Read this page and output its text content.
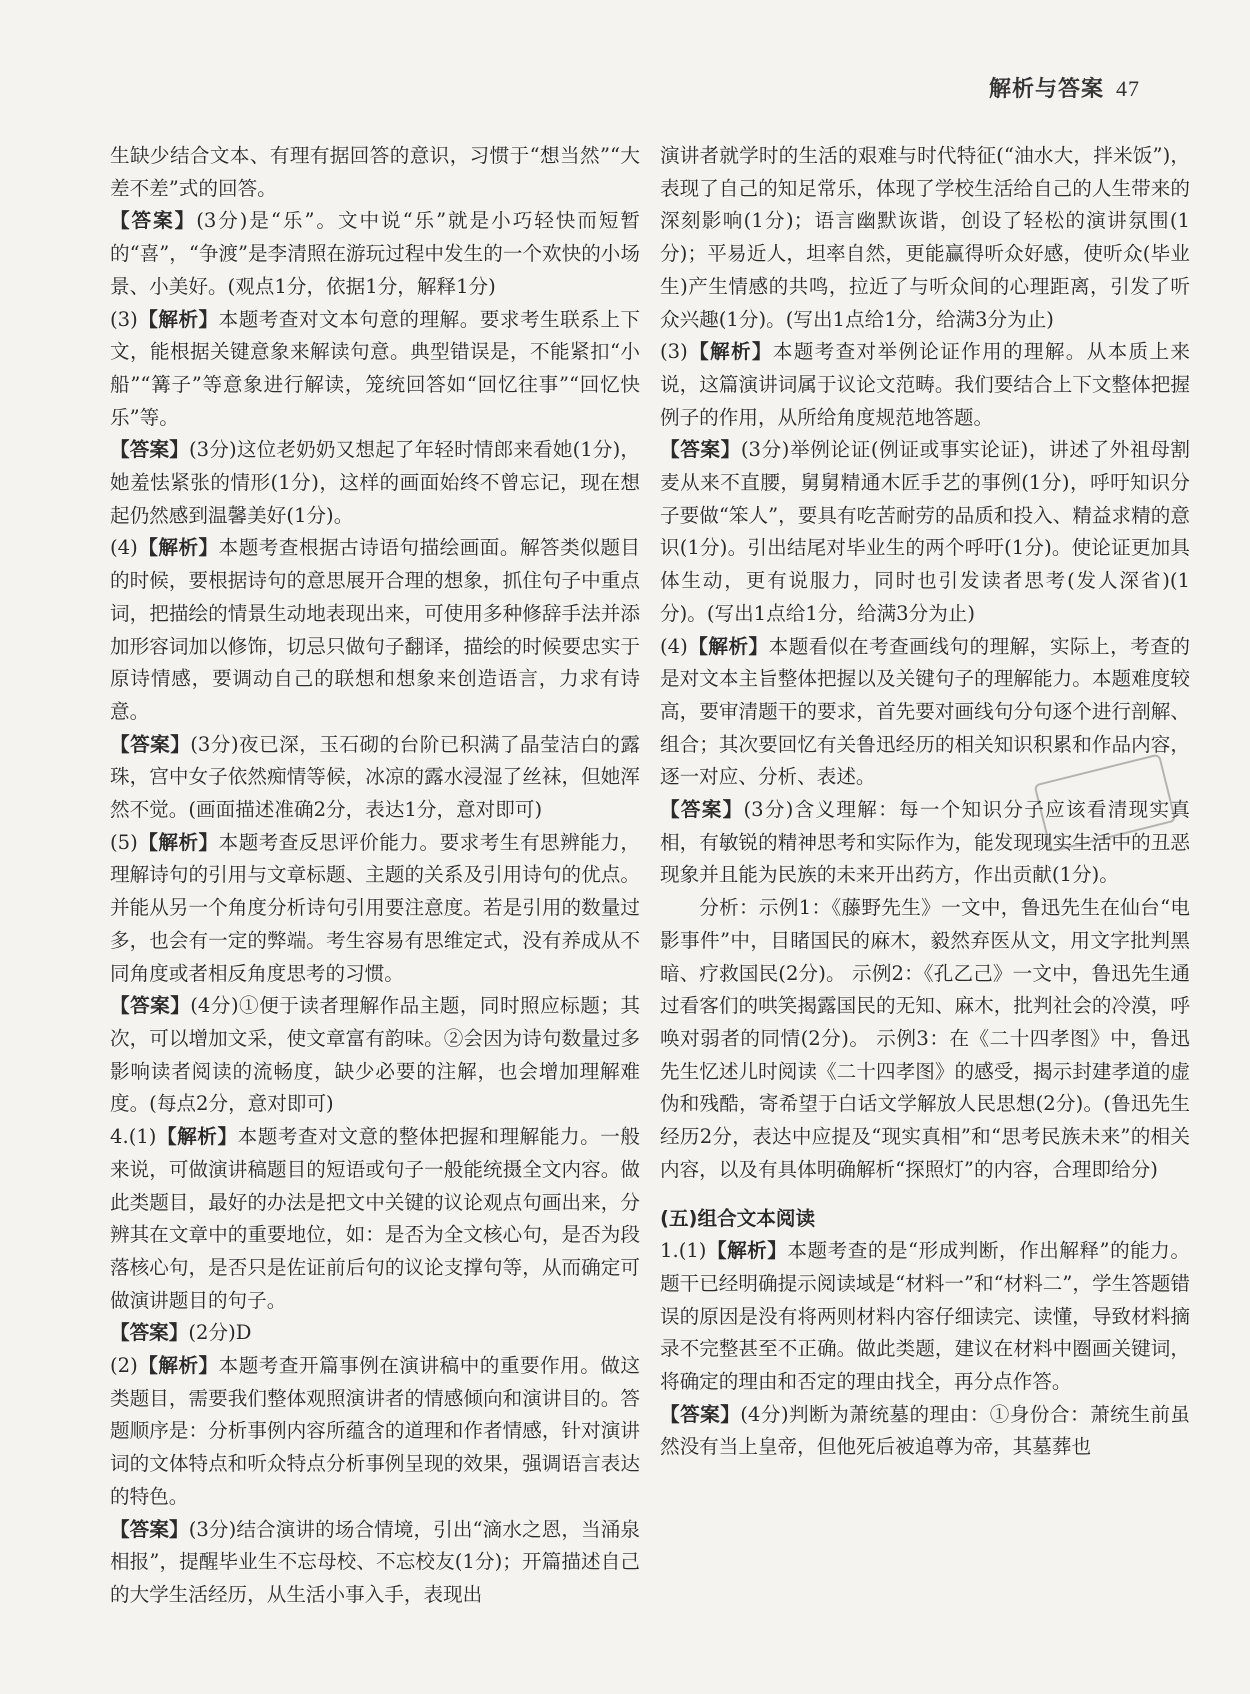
解析与答案 47

生缺少结合文本、有理有据回答的意识，习惯于“想当然”“大差不差”式的回答。

【答案】(3分)是“乐”。文中说“乐”就是小巧轻快而短暂的“喜”，“争渡”是李清照在游玩过程中发生的一个欢快的小场景、小美好。(观点1分，依据1分，解释1分)

(3)【解析】本题考查对文本句意的理解。要求考生联系上下文，能根据关键意象来解读句意。典型错误是，不能紧扣“小船”“篝子”等意象进行解读，笼统回答如“回忆往事”“回忆快乐”等。

【答案】(3分)这位老奶奶又想起了年轻时情郎来看她(1分)，她羞怯紧张的情形(1分)，这样的画面始终不曾忘记，现在想起仍然感到温馨美好(1分)。

(4)【解析】本题考查根据古诗语句描绘画面。解答类似题目的时候，要根据诗句的意思展开合理的想象，抓住句子中重点词，把描绘的情景生动地表现出来，可使用多种修辞手法并添加形容词加以修饰，切忌只做句子翻译，描绘的时候要忠实于原诗情感，要调动自己的联想和想象来创造语言，力求有诗意。

【答案】(3分)夜已深，玉石砌的台阶已积满了晶莹洁白的露珠，宫中女子依然痴情等候，冰凉的露水浸湿了丝袜，但她浑然不觉。(画面描述准确2分，表达1分，意对即可)

(5)【解析】本题考查反思评价能力。要求考生有思辨能力，理解诗句的引用与文章标题、主题的关系及引用诗句的优点。并能从另一个角度分析诗句引用要注意度。若是引用的数量过多，也会有一定的弊端。考生容易有思维定式，没有养成从不同角度或者相反角度思考的习惯。

【答案】(4分)①便于读者理解作品主题，同时照应标题；其次，可以增加文采，使文章富有韵味。②会因为诗句数量过多影响读者阅读的流畅度，缺少必要的注解，也会增加理解难度。(每点2分，意对即可)

4.(1)【解析】本题考查对文意的整体把握和理解能力。一般来说，可做演讲稿题目的短语或句子一般能统摄全文内容。做此类题目，最好的办法是把文中关键的议论观点句画出来，分辨其在文章中的重要地位，如：是否为全文核心句，是否为段落核心句，是否只是佐证前后句的议论支撑句等，从而确定可做演讲题目的句子。

【答案】(2分)D

(2)【解析】本题考查开篇事例在演讲稿中的重要作用。做这类题目，需要我们整体观照演讲者的情感倾向和演讲目的。答题顺序是：分析事例内容所蕴含的道理和作者情感，针对演讲词的文体特点和听众特点分析事例呈现的效果，强调语言表达的特色。

【答案】(3分)结合演讲的场合情境，引出“滴水之恩，当涌泉相报”，提醒毕业生不忘母校、不忘校友(1分)；开篇描述自己的大学生活经历，从生活小事入手，表现出

演讲者就学时的生活的艰难与时代特征(“油水大，拌米饭”)，表现了自己的知足常乐，体现了学校生活给自己的人生带来的深刻影响(1分)；语言幽默诙谐，创设了轻松的演讲氛围(1分)；平易近人，坦率自然，更能赢得听众好感，使听众(毕业生)产生情感的共鸣，拉近了与听众间的心理距离，引发了听众兴趣(1分)。(写出1点给1分，给满3分为止)

(3)【解析】本题考查对举例论证作用的理解。从本质上来说，这篇演讲词属于议论文范畴。我们要结合上下文整体把握例子的作用，从所给角度规范地答题。

【答案】(3分)举例论证(例证或事实论证)，讲述了外祖母割麦从来不直腰，舅舅精通木匠手艺的事例(1分)，呼吁知识分子要做“笨人”，要具有吃苦耐劳的品质和投入、精益求精的意识(1分)。引出结尾对毕业生的两个呼吁(1分)。使论证更加具体生动，更有说服力，同时也引发读者思考(发人深省)(1分)。(写出1点给1分，给满3分为止)

(4)【解析】本题看似在考查画线句的理解，实际上，考查的是对文本主旨整体把握以及关键句子的理解能力。本题难度较高，要审清题干的要求，首先要对画线句分句逐个进行剖解、组合；其次要回忆有关鲁迅经历的相关知识积累和作品内容，逐一对应、分析、表述。

【答案】(3分)含义理解：每一个知识分子应该看清现实真相，有敏锐的精神思考和实际作为，能发现现实生活中的丑恶现象并且能为民族的未来开出药方，作出贡献(1分)。

分析：示例1：《藤野先生》一文中，鲁迅先生在仙台“电影事件”中，目睹国民的麻木，毅然弃医从文，用文字批判黑暗、疗救国民(2分)。 示例2：《孔乙己》一文中，鲁迅先生通过看客们的哄笑揭露国民的无知、麻木，批判社会的冷漠，呼唤对弱者的同情(2分)。 示例3：在《二十四孝图》中，鲁迅先生忆述儿时阅读《二十四孝图》的感受，揭示封建孝道的虚伪和残酷，寄希望于白话文学解放人民思想(2分)。(鲁迅先生经历2分，表达中应提及“现实真相”和“思考民族未来”的相关内容，以及有具体明确解析“探照灯”的内容，合理即给分)

(五)组合文本阅读

1.(1)【解析】本题考查的是“形成判断，作出解释”的能力。题干已经明确提示阅读域是“材料一”和“材料二”，学生答题错误的原因是没有将两则材料内容仔细读完、读懂，导致材料摘录不完整甚至不正确。做此类题，建议在材料中圈画关键词，将确定的理由和否定的理由找全，再分点作答。

【答案】(4分)判断为萧统墓的理由：①身份合：萧统生前虽然没有当上皇帝，但他死后被追尊为帝，其墓葬也
